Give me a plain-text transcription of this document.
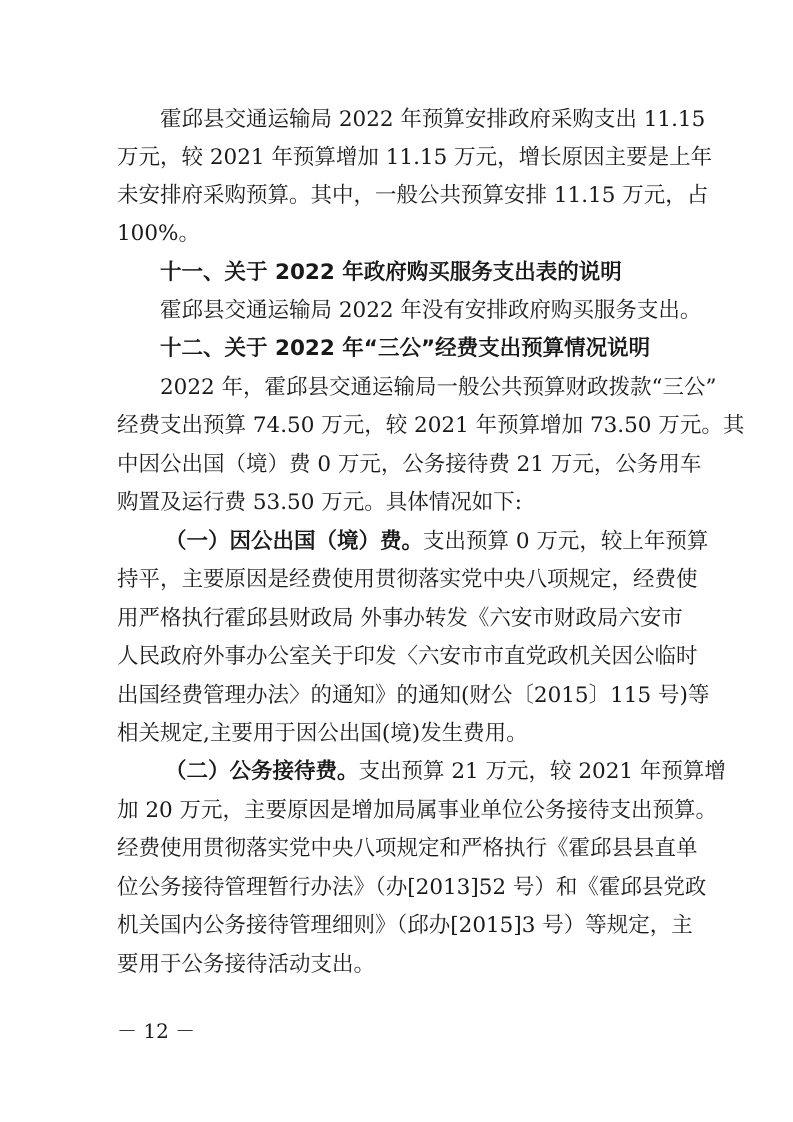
霍邱县交通运输局 2022 年预算安排政府采购支出 11.15
万元，较 2021 年预算增加 11.15 万元，增长原因主要是上年
未安排府采购预算。其中，一般公共预算安排 11.15 万元，占
100%。
十一、关于 2022 年政府购买服务支出表的说明
霍邱县交通运输局 2022 年没有安排政府购买服务支出。
十二、关于 2022 年“三公”经费支出预算情况说明
2022 年，霍邱县交通运输局一般公共预算财政拨款“三公”
经费支出预算 74.50 万元，较 2021 年预算增加 73.50 万元。其
中因公出国（境）费 0 万元，公务接待费 21 万元，公务用车
购置及运行费 53.50 万元。具体情况如下:
（一）因公出国（境）费。支出预算 0 万元，较上年预算
持平，主要原因是经费使用贯彻落实党中央八项规定，经费使
用严格执行霍邱县财政局 外事办转发《六安市财政局六安市
人民政府外事办公室关于印发〈六安市市直党政机关因公临时
出国经费管理办法〉的通知》的通知(财公〔2015〕115 号)等
相关规定,主要用于因公出国(境)发生费用。
（二）公务接待费。支出预算 21 万元，较 2021 年预算增
加 20 万元，主要原因是增加局属事业单位公务接待支出预算。
经费使用贯彻落实党中央八项规定和严格执行《霍邱县县直单
位公务接待管理暂行办法》（办[2013]52 号）和《霍邱县党政
机关国内公务接待管理细则》（邱办[2015]3 号）等规定，主
要用于公务接待活动支出。
－ 12 －
